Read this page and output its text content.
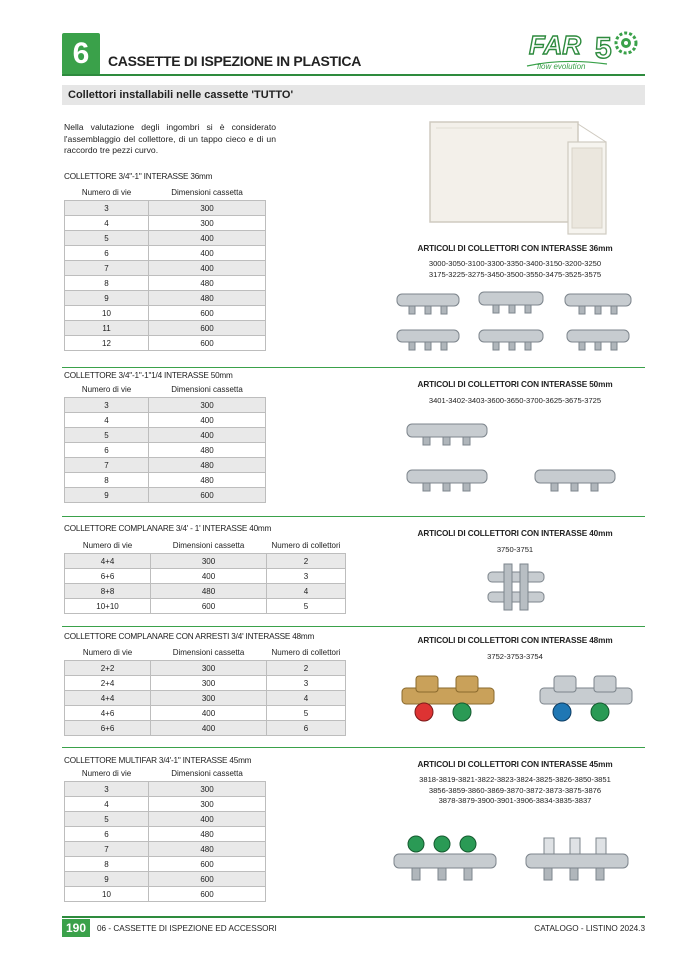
6	CASSETTE DI ISPEZIONE IN PLASTICA
FAR 5
flow evolution
Collettori installabili nelle cassette 'TUTTO'
Nella valutazione degli ingombri si è considerato l'assemblaggio del collettore, di un tappo cieco e di un raccordo tre pezzi curvo.
COLLETTORE 3/4"-1" INTERASSE 36mm
Numero di vie	Dimensioni cassetta
3	300
4	300
5	400
6	400
7	400
8	480
9	480
10	600
11	600
12	600
ARTICOLI DI COLLETTORI CON INTERASSE 36mm
3000-3050-3100-3300-3350-3400-3150-3200-3250
3175-3225-3275-3450-3500-3550-3475-3525-3575
COLLETTORE 3/4"-1"-1"1/4 INTERASSE 50mm
Numero di vie	Dimensioni cassetta
3	300
4	400
5	400
6	480
7	480
8	480
9	600
ARTICOLI DI COLLETTORI CON INTERASSE 50mm
3401-3402-3403-3600-3650-3700-3625-3675-3725
COLLETTORE COMPLANARE 3/4' - 1' INTERASSE 40mm
Numero di vie	Dimensioni cassetta	Numero di collettori
4+4	300	2
6+6	400	3
8+8	480	4
10+10	600	5
ARTICOLI DI COLLETTORI CON INTERASSE 40mm
3750-3751
COLLETTORE COMPLANARE CON ARRESTI 3/4' INTERASSE 48mm
Numero di vie	Dimensioni cassetta	Numero di collettori
2+2	300	2
2+4	300	3
4+4	300	4
4+6	400	5
6+6	400	6
ARTICOLI DI COLLETTORI CON INTERASSE 48mm
3752-3753-3754
COLLETTORE MULTIFAR 3/4'-1" INTERASSE 45mm
Numero di vie	Dimensioni cassetta
3	300
4	300
5	400
6	480
7	480
8	600
9	600
10	600
ARTICOLI DI COLLETTORI CON INTERASSE 45mm
3818-3819-3821-3822-3823-3824-3825-3826-3850-3851
3856-3859-3860-3869-3870-3872-3873-3875-3876
3878-3879-3900-3901-3906-3834-3835-3837
190	06 - CASSETTE DI ISPEZIONE ED ACCESSORI	CATALOGO - LISTINO 2024.3
